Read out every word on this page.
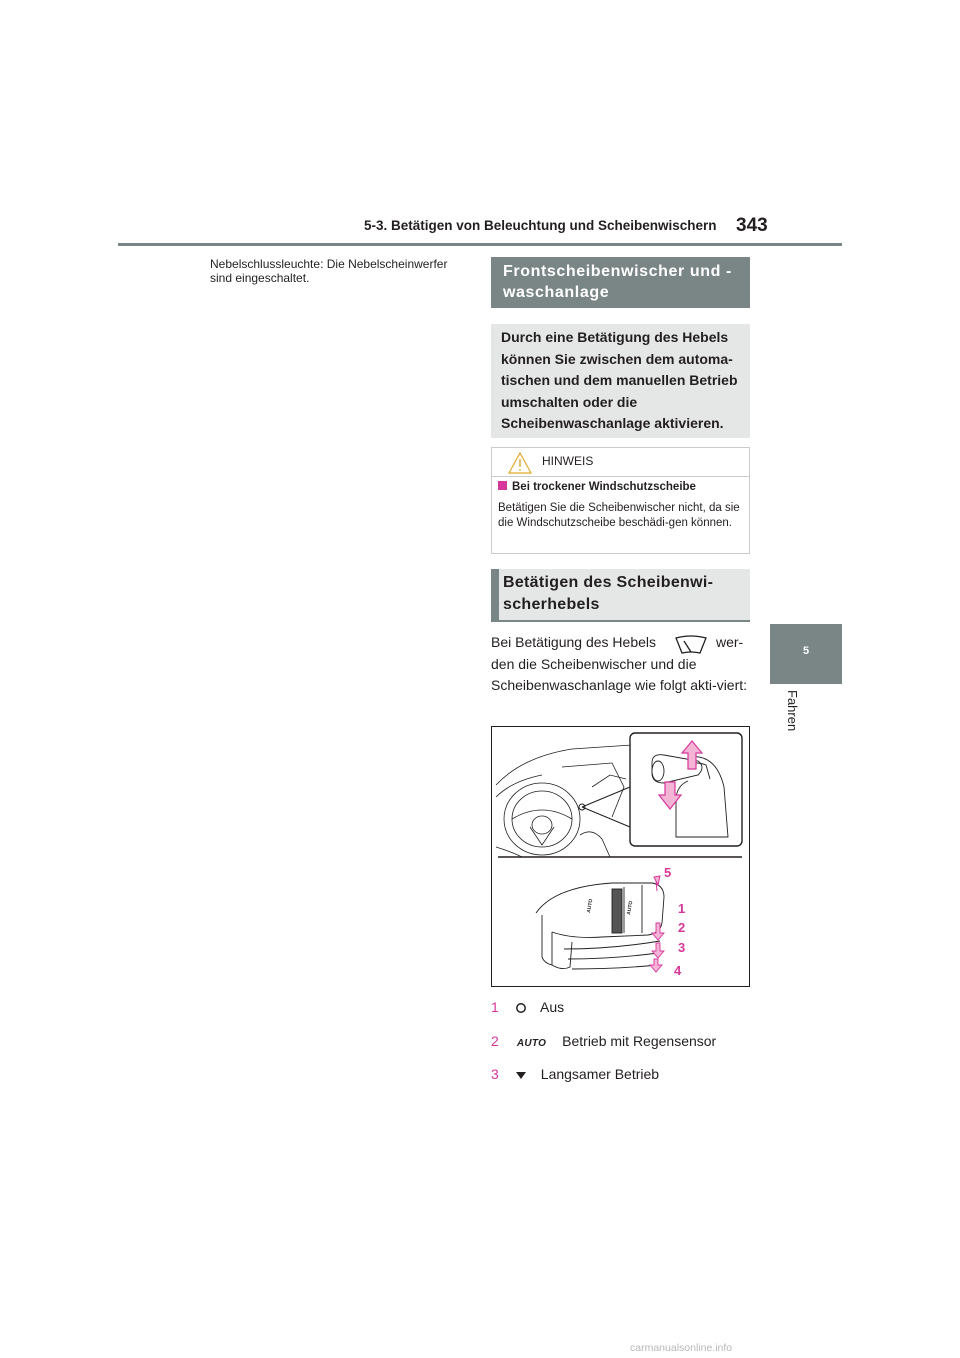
5-3. Betätigen von Beleuchtung und Scheibenwischern 343
5
Fahren
Nebelschlussleuchte: Die Nebelscheinwerfer sind eingeschaltet.	Frontscheibenwischer und -waschanlage
Durch eine Betätigung des Hebels können Sie zwischen dem automa-tischen und dem manuellen Betrieb umschalten oder die Scheibenwaschanlage aktivieren.
HINWEIS
Bei trockener Windschutzscheibe
Betätigen Sie die Scheibenwischer nicht, da sie die Windschutzscheibe beschädi-gen können.
Betätigen des Scheibenwi-scherhebels
Bei Betätigung des Hebels	wer-den die Scheibenwischer und die Scheibenwaschanlage wie folgt akti-viert:
AUTO	AUTO
5
1
2
3
4
1	Aus
2 AUTO Betrieb mit Regensensor
3	Langsamer Betrieb
carmanualsonline.info
